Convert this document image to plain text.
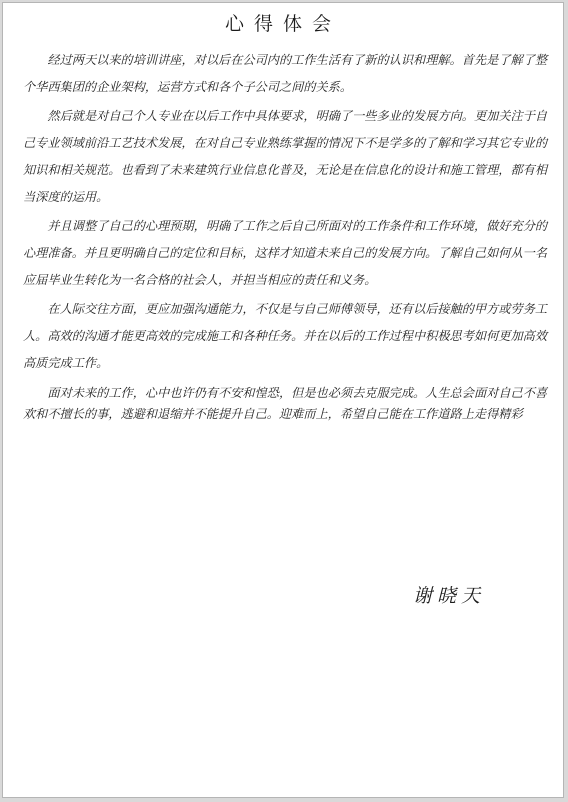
心得体会

经过两天以来的培训讲座，对以后在公司内的工作生活有了新的认识和理解。首先是了解了整个华西集团的企业架构，运营方式和各个子公司之间的关系。

然后就是对自己个人专业在以后工作中具体要求，明确了一些多业的发展方向。更加关注于自己专业领域前沿工艺技术发展，在对自己专业熟练掌握的情况下不是学多的了解和学习其它专业的知识和相关规范。也看到了未来建筑行业信息化普及，无论是在信息化的设计和施工管理，都有相当深度的运用。

并且调整了自己的心理预期，明确了工作之后自己所面对的工作条件和工作环境，做好充分的心理准备。并且更明确自己的定位和目标，这样才知道未来自己的发展方向。了解自己如何从一名应届毕业生转化为一名合格的社会人，并担当相应的责任和义务。

在人际交往方面，更应加强沟通能力，不仅是与自己师傅领导，还有以后接触的甲方或劳务工人。高效的沟通才能更高效的完成施工和各种任务。并在以后的工作过程中积极思考如何更加高效高质完成工作。

面对未来的工作，心中也许仍有不安和惶恐，但是也必须去克服完成。人生总会面对自己不喜欢和不擅长的事，逃避和退缩并不能提升自己。迎难而上，希望自己能在工作道路上走得精彩

谢晓天
